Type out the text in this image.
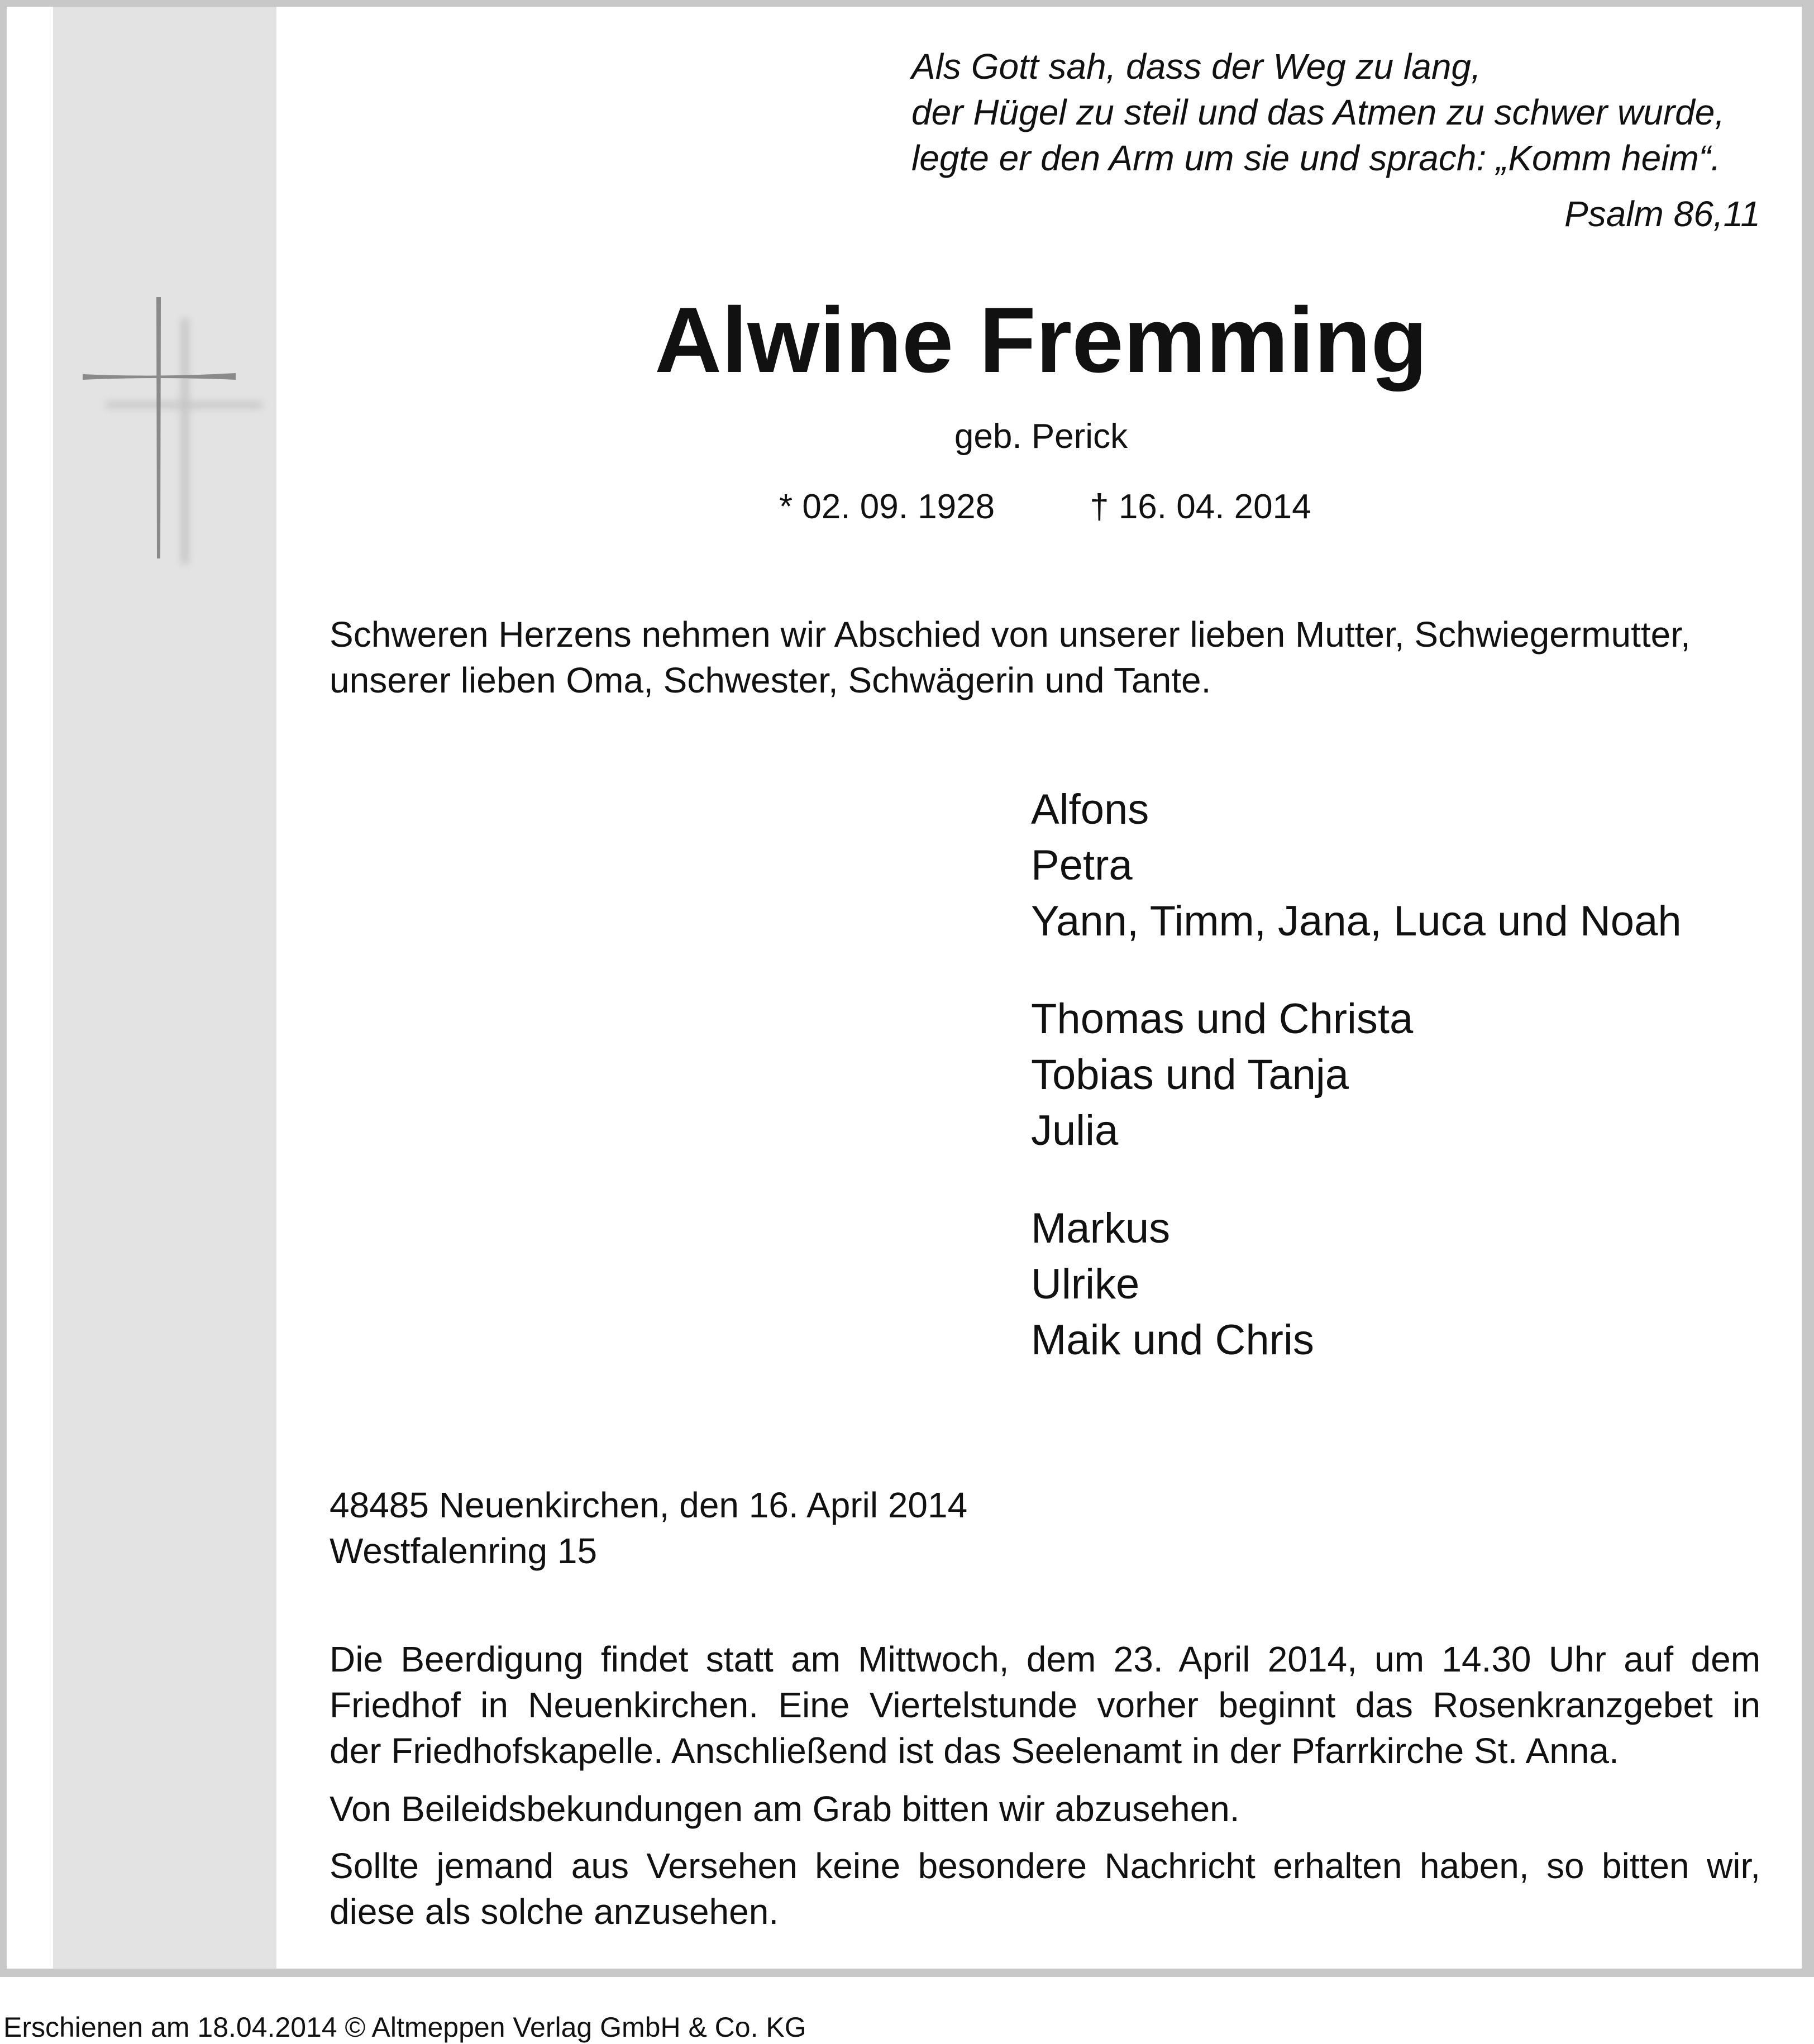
Als Gott sah, dass der Weg zu lang,
der Hügel zu steil und das Atmen zu schwer wurde,
legte er den Arm um sie und sprach: „Komm heim“.
Psalm 86,11
Alwine Fremming
geb. Perick
* 02. 09. 1928	† 16. 04. 2014
Schweren Herzens nehmen wir Abschied von unserer lieben Mutter, Schwiegermutter,
unserer lieben Oma, Schwester, Schwägerin und Tante.
Alfons
Petra
Yann, Timm, Jana, Luca und Noah
Thomas und Christa
Tobias und Tanja
Julia
Markus
Ulrike
Maik und Chris
48485 Neuenkirchen, den 16. April 2014
Westfalenring 15
Die Beerdigung findet statt am Mittwoch, dem 23. April 2014, um 14.30 Uhr auf dem
Friedhof in Neuenkirchen. Eine Viertelstunde vorher beginnt das Rosenkranzgebet in
der Friedhofskapelle. Anschließend ist das Seelenamt in der Pfarrkirche St. Anna.
Von Beileidsbekundungen am Grab bitten wir abzusehen.
Sollte jemand aus Versehen keine besondere Nachricht erhalten haben, so bitten wir,
diese als solche anzusehen.
Erschienen am 18.04.2014 © Altmeppen Verlag GmbH & Co. KG
